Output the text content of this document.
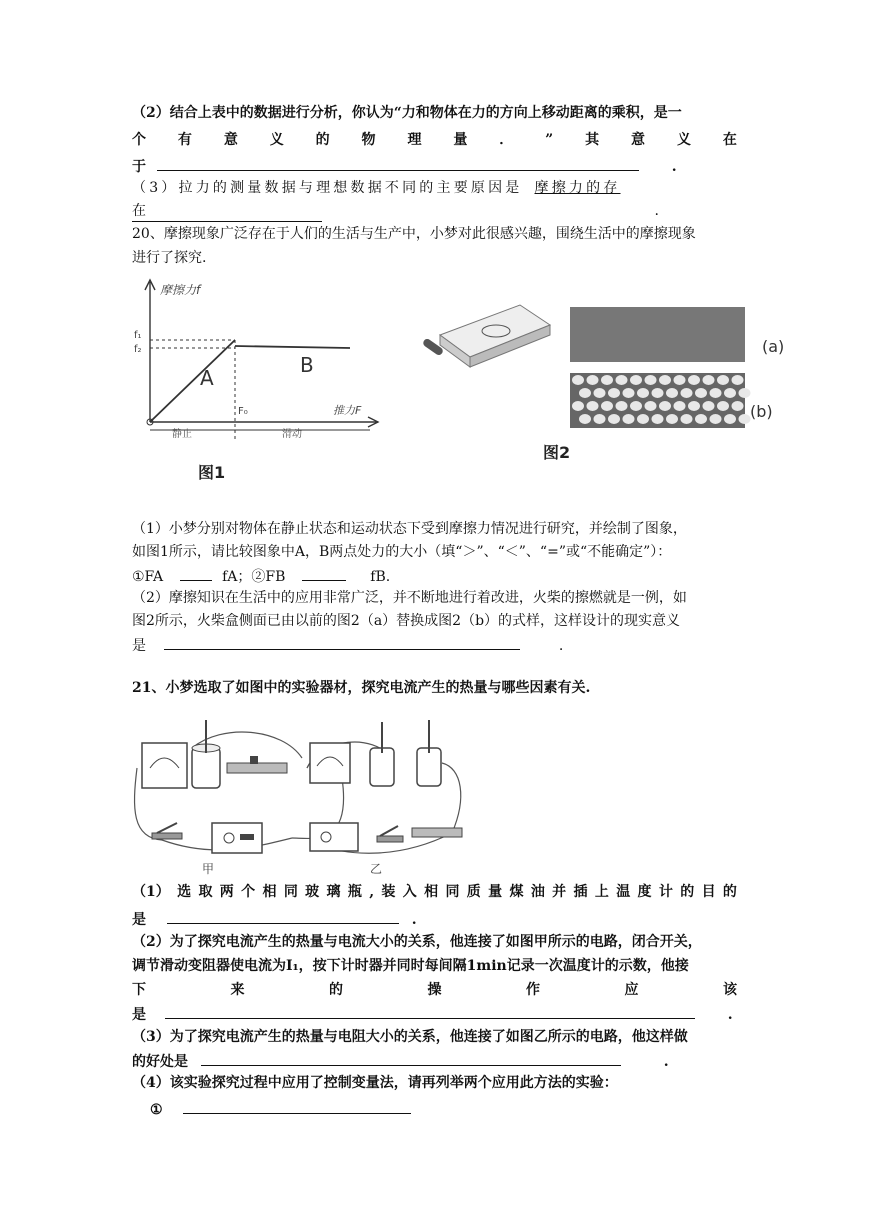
（2）结合上表中的数据进行分析，你认为“力和物体在力的方向上移动距离的乘积，是一
个 有 意 义 的 物 理 量 ． ” 其 意 义 在
于	.
（3）拉力的测量数据与理想数据不同的主要原因是 摩擦力的存
在	.
20、摩擦现象广泛存在于人们的生活与生产中，小梦对此很感兴趣，围绕生活中的摩擦现象
进行了探究.
摩擦力f
推力F
f₁
f₂
F₀
A
B
静止	滑动
图1
(a)
(b)
图2
（1）小梦分别对物体在静止状态和运动状态下受到摩擦力情况进行研究，并绘制了图象，
如图1所示，请比较图象中A，B两点处力的大小（填“＞”、“＜”、“=”或“不能确定”）：
①FA	fA；②FB	fB.
（2）摩擦知识在生活中的应用非常广泛，并不断地进行着改进，火柴的擦燃就是一例，如
图2所示，火柴盒侧面已由以前的图2（a）替换成图2（b）的式样，这样设计的现实意义
是	.
21、小梦选取了如图中的实验器材，探究电流产生的热量与哪些因素有关.
甲	乙
（1） 选 取 两 个 相 同 玻 璃 瓶 , 装 入 相 同 质 量 煤 油 并 插 上 温 度 计 的 目 的
是	.
（2）为了探究电流产生的热量与电流大小的关系，他连接了如图甲所示的电路，闭合开关，
调节滑动变阻器使电流为I₁，按下计时器并同时每间隔1min记录一次温度计的示数，他接
下	来	的	操	作	应	该
是	.
（3）为了探究电流产生的热量与电阻大小的关系，他连接了如图乙所示的电路，他这样做
的好处是	.
（4）该实验探究过程中应用了控制变量法，请再列举两个应用此方法的实验：
①
